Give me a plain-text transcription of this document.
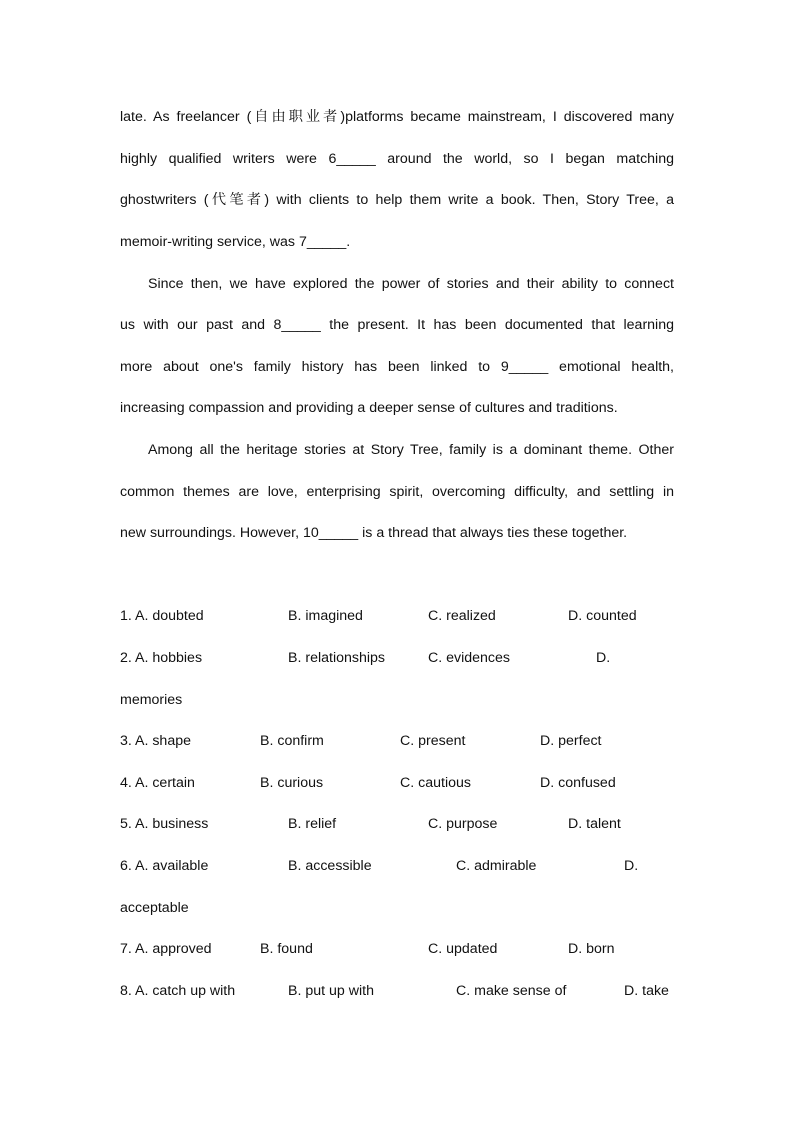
late. As freelancer (自由职业者)platforms became mainstream, I discovered many
highly qualified writers were 6_____ around the world, so I began matching
ghostwriters (代笔者) with clients to help them write a book. Then, Story Tree, a
memoir-writing service, was 7_____.
Since then, we have explored the power of stories and their ability to connect
us with our past and 8_____ the present. It has been documented that learning
more about one's family history has been linked to 9_____ emotional health,
increasing compassion and providing a deeper sense of cultures and traditions.
Among all the heritage stories at Story Tree, family is a dominant theme. Other
common themes are love, enterprising spirit, overcoming difficulty, and settling in
new surroundings. However, 10_____ is a thread that always ties these together.
1. A. doubted	B. imagined	C. realized	D. counted
2. A. hobbies	B. relationships	C. evidences	D.
memories
3. A. shape	B. confirm	C. present	D. perfect
4. A. certain	B. curious	C. cautious	D. confused
5. A. business	B. relief	C. purpose	D. talent
6. A. available	B. accessible	C. admirable	D.
acceptable
7. A. approved	B. found	C. updated	D. born
8. A. catch up with	B. put up with	C. make sense of	D. take
